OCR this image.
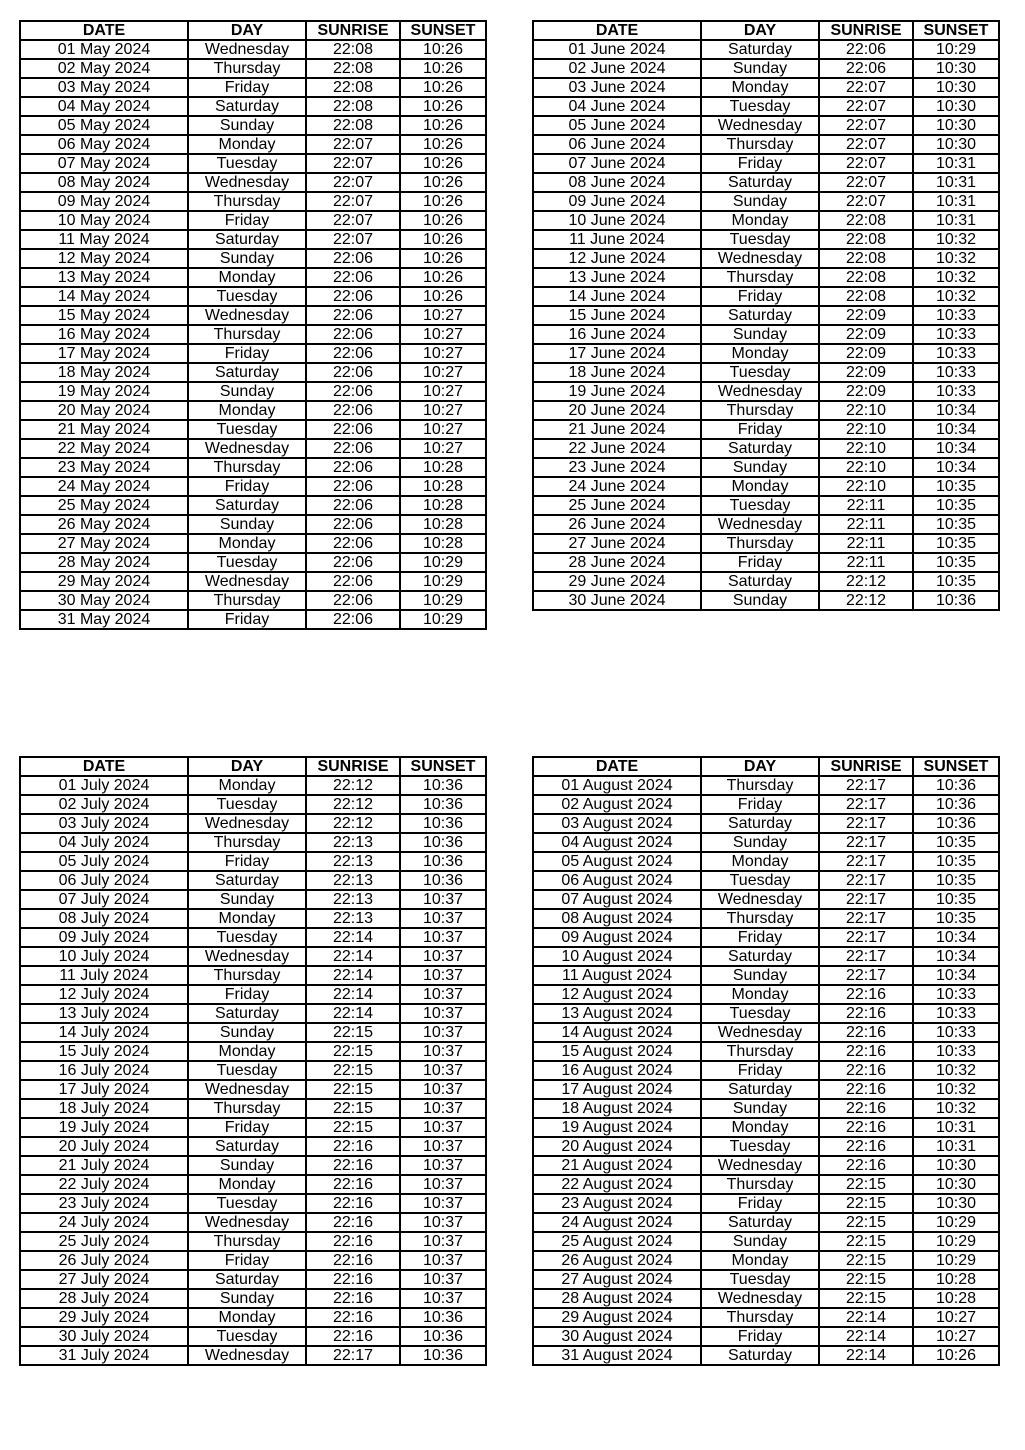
DATE	DAY	SUNRISE	SUNSET
01 May 2024	Wednesday	22:08	10:26
02 May 2024	Thursday	22:08	10:26
03 May 2024	Friday	22:08	10:26
04 May 2024	Saturday	22:08	10:26
05 May 2024	Sunday	22:08	10:26
06 May 2024	Monday	22:07	10:26
07 May 2024	Tuesday	22:07	10:26
08 May 2024	Wednesday	22:07	10:26
09 May 2024	Thursday	22:07	10:26
10 May 2024	Friday	22:07	10:26
11 May 2024	Saturday	22:07	10:26
12 May 2024	Sunday	22:06	10:26
13 May 2024	Monday	22:06	10:26
14 May 2024	Tuesday	22:06	10:26
15 May 2024	Wednesday	22:06	10:27
16 May 2024	Thursday	22:06	10:27
17 May 2024	Friday	22:06	10:27
18 May 2024	Saturday	22:06	10:27
19 May 2024	Sunday	22:06	10:27
20 May 2024	Monday	22:06	10:27
21 May 2024	Tuesday	22:06	10:27
22 May 2024	Wednesday	22:06	10:27
23 May 2024	Thursday	22:06	10:28
24 May 2024	Friday	22:06	10:28
25 May 2024	Saturday	22:06	10:28
26 May 2024	Sunday	22:06	10:28
27 May 2024	Monday	22:06	10:28
28 May 2024	Tuesday	22:06	10:29
29 May 2024	Wednesday	22:06	10:29
30 May 2024	Thursday	22:06	10:29
31 May 2024	Friday	22:06	10:29
DATE	DAY	SUNRISE	SUNSET
01 June 2024	Saturday	22:06	10:29
02 June 2024	Sunday	22:06	10:30
03 June 2024	Monday	22:07	10:30
04 June 2024	Tuesday	22:07	10:30
05 June 2024	Wednesday	22:07	10:30
06 June 2024	Thursday	22:07	10:30
07 June 2024	Friday	22:07	10:31
08 June 2024	Saturday	22:07	10:31
09 June 2024	Sunday	22:07	10:31
10 June 2024	Monday	22:08	10:31
11 June 2024	Tuesday	22:08	10:32
12 June 2024	Wednesday	22:08	10:32
13 June 2024	Thursday	22:08	10:32
14 June 2024	Friday	22:08	10:32
15 June 2024	Saturday	22:09	10:33
16 June 2024	Sunday	22:09	10:33
17 June 2024	Monday	22:09	10:33
18 June 2024	Tuesday	22:09	10:33
19 June 2024	Wednesday	22:09	10:33
20 June 2024	Thursday	22:10	10:34
21 June 2024	Friday	22:10	10:34
22 June 2024	Saturday	22:10	10:34
23 June 2024	Sunday	22:10	10:34
24 June 2024	Monday	22:10	10:35
25 June 2024	Tuesday	22:11	10:35
26 June 2024	Wednesday	22:11	10:35
27 June 2024	Thursday	22:11	10:35
28 June 2024	Friday	22:11	10:35
29 June 2024	Saturday	22:12	10:35
30 June 2024	Sunday	22:12	10:36
DATE	DAY	SUNRISE	SUNSET
01 July 2024	Monday	22:12	10:36
02 July 2024	Tuesday	22:12	10:36
03 July 2024	Wednesday	22:12	10:36
04 July 2024	Thursday	22:13	10:36
05 July 2024	Friday	22:13	10:36
06 July 2024	Saturday	22:13	10:36
07 July 2024	Sunday	22:13	10:37
08 July 2024	Monday	22:13	10:37
09 July 2024	Tuesday	22:14	10:37
10 July 2024	Wednesday	22:14	10:37
11 July 2024	Thursday	22:14	10:37
12 July 2024	Friday	22:14	10:37
13 July 2024	Saturday	22:14	10:37
14 July 2024	Sunday	22:15	10:37
15 July 2024	Monday	22:15	10:37
16 July 2024	Tuesday	22:15	10:37
17 July 2024	Wednesday	22:15	10:37
18 July 2024	Thursday	22:15	10:37
19 July 2024	Friday	22:15	10:37
20 July 2024	Saturday	22:16	10:37
21 July 2024	Sunday	22:16	10:37
22 July 2024	Monday	22:16	10:37
23 July 2024	Tuesday	22:16	10:37
24 July 2024	Wednesday	22:16	10:37
25 July 2024	Thursday	22:16	10:37
26 July 2024	Friday	22:16	10:37
27 July 2024	Saturday	22:16	10:37
28 July 2024	Sunday	22:16	10:37
29 July 2024	Monday	22:16	10:36
30 July 2024	Tuesday	22:16	10:36
31 July 2024	Wednesday	22:17	10:36
DATE	DAY	SUNRISE	SUNSET
01 August 2024	Thursday	22:17	10:36
02 August 2024	Friday	22:17	10:36
03 August 2024	Saturday	22:17	10:36
04 August 2024	Sunday	22:17	10:35
05 August 2024	Monday	22:17	10:35
06 August 2024	Tuesday	22:17	10:35
07 August 2024	Wednesday	22:17	10:35
08 August 2024	Thursday	22:17	10:35
09 August 2024	Friday	22:17	10:34
10 August 2024	Saturday	22:17	10:34
11 August 2024	Sunday	22:17	10:34
12 August 2024	Monday	22:16	10:33
13 August 2024	Tuesday	22:16	10:33
14 August 2024	Wednesday	22:16	10:33
15 August 2024	Thursday	22:16	10:33
16 August 2024	Friday	22:16	10:32
17 August 2024	Saturday	22:16	10:32
18 August 2024	Sunday	22:16	10:32
19 August 2024	Monday	22:16	10:31
20 August 2024	Tuesday	22:16	10:31
21 August 2024	Wednesday	22:16	10:30
22 August 2024	Thursday	22:15	10:30
23 August 2024	Friday	22:15	10:30
24 August 2024	Saturday	22:15	10:29
25 August 2024	Sunday	22:15	10:29
26 August 2024	Monday	22:15	10:29
27 August 2024	Tuesday	22:15	10:28
28 August 2024	Wednesday	22:15	10:28
29 August 2024	Thursday	22:14	10:27
30 August 2024	Friday	22:14	10:27
31 August 2024	Saturday	22:14	10:26
